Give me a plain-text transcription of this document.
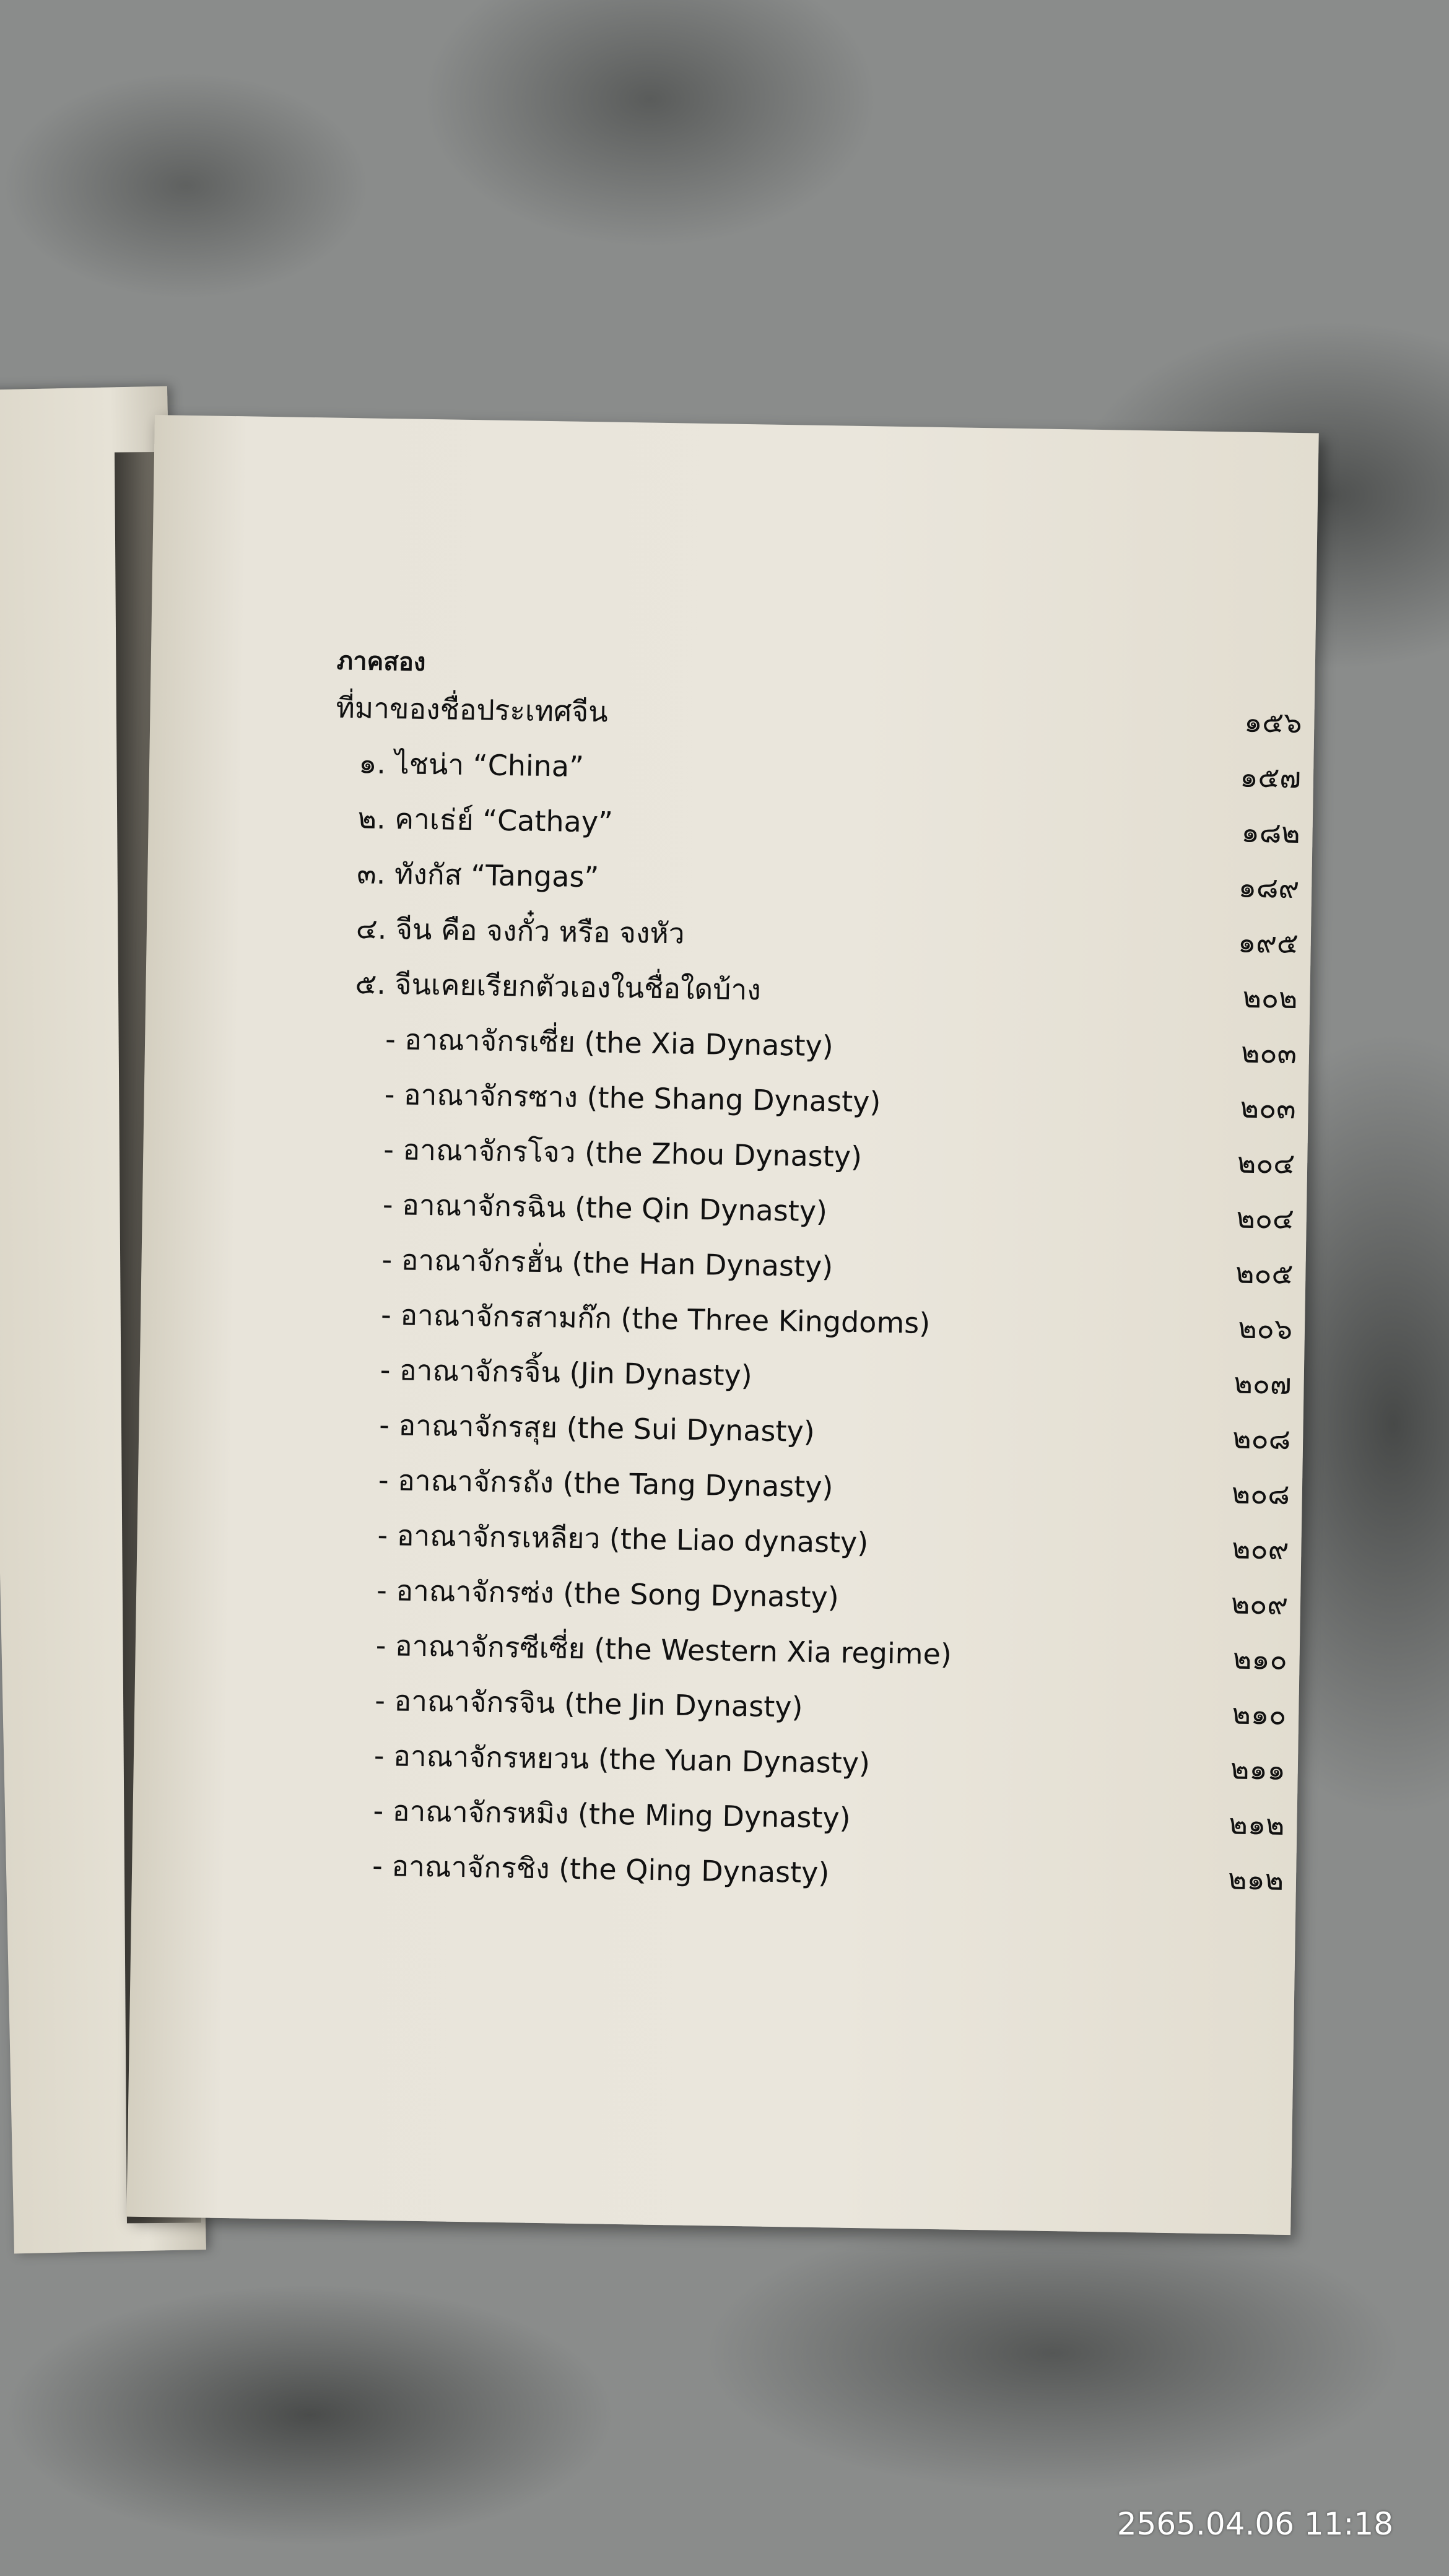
ภาคสอง
ที่มาของชื่อประเทศจีน	๑๕๖
๑. ไชน่า “China”	๑๕๗
๒. คาเธ่ย์ “Cathay”	๑๘๒
๓. ทังกัส “Tangas”	๑๘๙
๔. จีน คือ จงกั๋ว หรือ จงหัว	๑๙๕
๕. จีนเคยเรียกตัวเองในชื่อใดบ้าง	๒๐๒
- อาณาจักรเซี่ย (the Xia Dynasty)	๒๐๓
- อาณาจักรซาง (the Shang Dynasty)	๒๐๓
- อาณาจักรโจว (the Zhou Dynasty)	๒๐๔
- อาณาจักรฉิน (the Qin Dynasty)	๒๐๔
- อาณาจักรฮั่น (the Han Dynasty)	๒๐๕
- อาณาจักรสามก๊ก (the Three Kingdoms)	๒๐๖
- อาณาจักรจิ้น (Jin Dynasty)	๒๐๗
- อาณาจักรสุย (the Sui Dynasty)	๒๐๘
- อาณาจักรถัง (the Tang Dynasty)	๒๐๘
- อาณาจักรเหลียว (the Liao dynasty)	๒๐๙
- อาณาจักรซ่ง (the Song Dynasty)	๒๐๙
- อาณาจักรซีเซี่ย (the Western Xia regime)	๒๑๐
- อาณาจักรจิน (the Jin Dynasty)	๒๑๐
- อาณาจักรหยวน (the Yuan Dynasty)	๒๑๑
- อาณาจักรหมิง (the Ming Dynasty)	๒๑๒
- อาณาจักรชิง (the Qing Dynasty)	๒๑๒
2565.04.06 11:18
